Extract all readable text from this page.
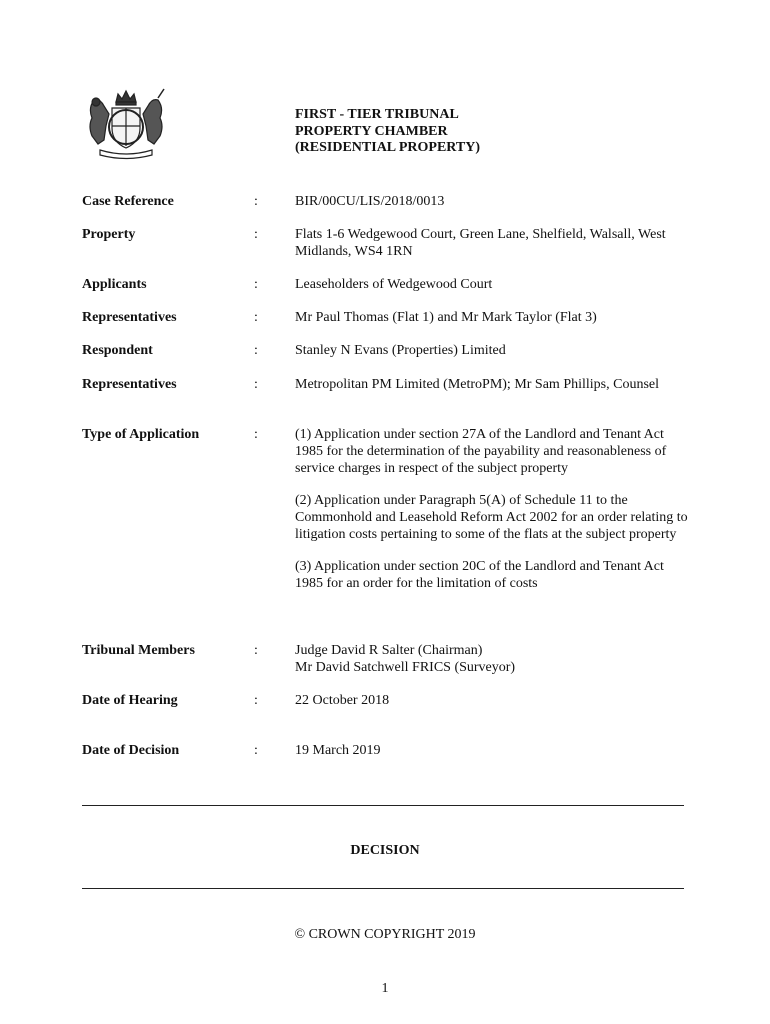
FIRST - TIER TRIBUNAL
PROPERTY CHAMBER
(RESIDENTIAL PROPERTY)
Case Reference	:	BIR/00CU/LIS/2018/0013
Property	:	Flats 1-6 Wedgewood Court, Green Lane, Shelfield, Walsall, West Midlands, WS4 1RN
Applicants	:	Leaseholders of Wedgewood Court
Representatives	:	Mr Paul Thomas (Flat 1) and Mr Mark Taylor (Flat 3)
Respondent	:	Stanley N Evans (Properties) Limited
Representatives	:	Metropolitan PM Limited (MetroPM); Mr Sam Phillips, Counsel
Type of Application	:	(1) Application under section 27A of the Landlord and Tenant Act 1985 for the determination of the payability and reasonableness of service charges in respect of the subject property

(2) Application under Paragraph 5(A) of Schedule 11 to the Commonhold and Leasehold Reform Act 2002 for an order relating to litigation costs pertaining to some of the flats at the subject property

(3) Application under section 20C of the Landlord and Tenant Act 1985 for an order for the limitation of costs

Tribunal Members	:	Judge David R Salter (Chairman)
Mr David Satchwell FRICS (Surveyor)
Date of Hearing	:	22 October 2018
Date of Decision	:	19 March 2019
DECISION
© CROWN COPYRIGHT 2019
1
